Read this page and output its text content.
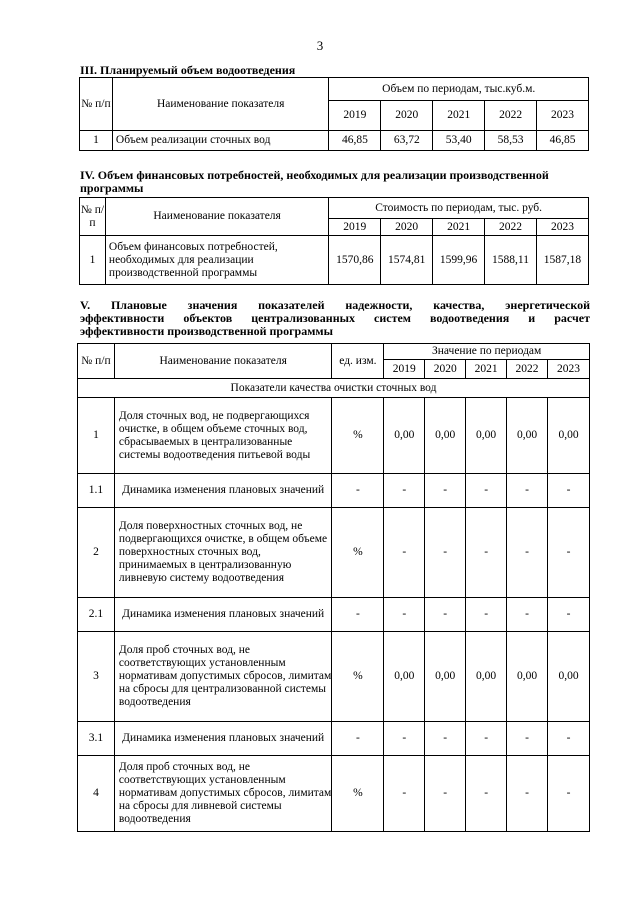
3
III. Планируемый объем водоотведения
№ п/п	Наименование показателя	Объем по периодам, тыс.куб.м.				
		2019	2020	2021	2022	2023
1	Объем реализации сточных вод	46,85	63,72	53,40	58,53	46,85
IV. Объем финансовых потребностей, необходимых для реализации производственной
программы
№ п/п	Наименование показателя	Стоимость по периодам, тыс. руб.				
		2019	2020	2021	2022	2023
1	Объем финансовых потребностей, необходимых для реализации производственной программы	1570,86	1574,81	1599,96	1588,11	1587,18
V. Плановые значения показателей надежности, качества, энергетической
эффективности объектов централизованных систем водоотведения и расчет
эффективности производственной программы
№ п/п	Наименование показателя	ед. изм.	Значение по периодам				
			2019	2020	2021	2022	2023
Показатели качества очистки сточных вод							
1	Доля сточных вод, не подвергающихся очистке, в общем объеме сточных вод, сбрасываемых в централизованные системы водоотведения питьевой воды	%	0,00	0,00	0,00	0,00	0,00
1.1	Динамика изменения плановых значений	-	-	-	-	-	-
2	Доля поверхностных сточных вод, не подвергающихся очистке, в общем объеме поверхностных сточных вод, принимаемых в централизованную ливневую систему водоотведения	%	-	-	-	-	-
2.1	Динамика изменения плановых значений	-	-	-	-	-	-
3	Доля проб сточных вод, не соответствующих установленным нормативам допустимых сбросов, лимитам на сбросы для централизованной системы водоотведения	%	0,00	0,00	0,00	0,00	0,00
3.1	Динамика изменения плановых значений	-	-	-	-	-	-
4	Доля проб сточных вод, не соответствующих установленным нормативам допустимых сбросов, лимитам на сбросы для ливневой системы водоотведения	%	-	-	-	-	-
